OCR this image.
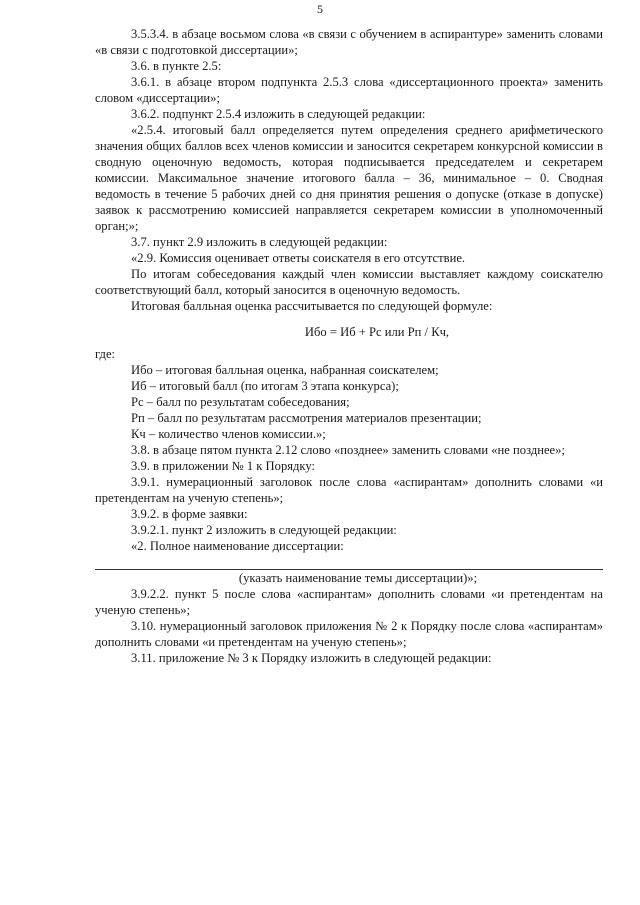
5

3.5.3.4. в абзаце восьмом слова «в связи с обучением в аспирантуре» заменить словами «в связи с подготовкой диссертации»;

3.6. в пункте 2.5:

3.6.1. в абзаце втором подпункта 2.5.3 слова «диссертационного проекта» заменить словом «диссертации»;

3.6.2. подпункт 2.5.4 изложить в следующей редакции:

«2.5.4. итоговый балл определяется путем определения среднего арифметического значения общих баллов всех членов комиссии и заносится секретарем конкурсной комиссии в сводную оценочную ведомость, которая подписывается председателем и секретарем комиссии. Максимальное значение итогового балла – 36, минимальное – 0. Сводная ведомость в течение 5 рабочих дней со дня принятия решения о допуске (отказе в допуске) заявок к рассмотрению комиссией направляется секретарем комиссии в уполномоченный орган;»;

3.7. пункт 2.9 изложить в следующей редакции:

«2.9. Комиссия оценивает ответы соискателя в его отсутствие.

По итогам собеседования каждый член комиссии выставляет каждому соискателю соответствующий балл, который заносится в оценочную ведомость.

Итоговая балльная оценка рассчитывается по следующей формуле:

Ибо = Иб + Рс или Рп / Кч,

где:

Ибо – итоговая балльная оценка, набранная соискателем;

Иб – итоговый балл (по итогам 3 этапа конкурса);

Рс – балл по результатам собеседования;

Рп – балл по результатам рассмотрения материалов презентации;

Кч – количество членов комиссии.»;

3.8. в абзаце пятом пункта 2.12 слово «позднее» заменить словами «не позднее»;

3.9. в приложении № 1 к Порядку:

3.9.1. нумерационный заголовок после слова «аспирантам» дополнить словами «и претендентам на ученую степень»;

3.9.2. в форме заявки:

3.9.2.1. пункт 2 изложить в следующей редакции:

«2. Полное наименование диссертации:

(указать наименование темы диссертации)»;

3.9.2.2. пункт 5 после слова «аспирантам» дополнить словами «и претендентам на ученую степень»;

3.10. нумерационный заголовок приложения № 2 к Порядку после слова «аспирантам» дополнить словами «и претендентам на ученую степень»;

3.11. приложение № 3 к Порядку изложить в следующей редакции:
